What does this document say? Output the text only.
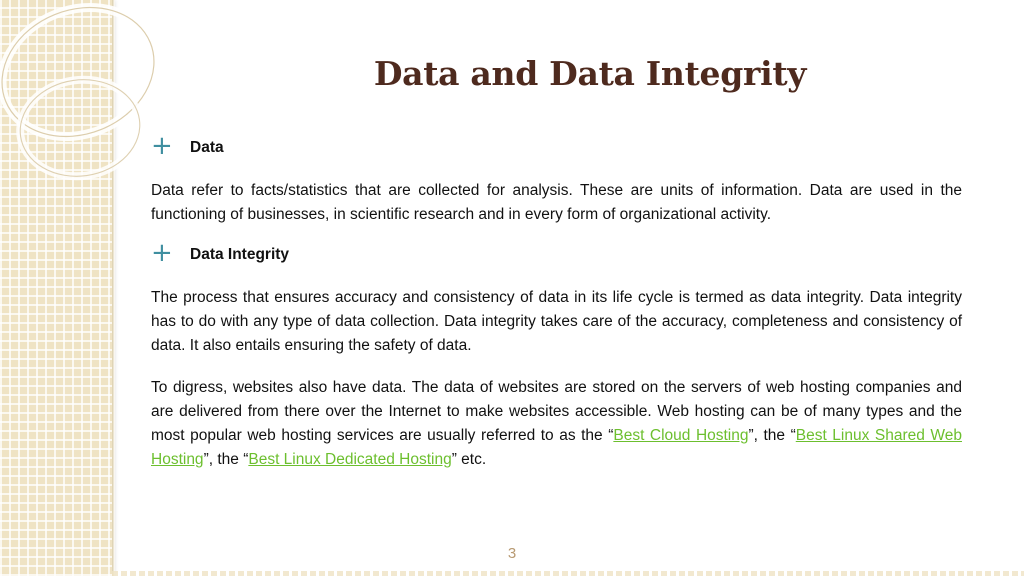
Data and Data Integrity
+ Data

Data refer to facts/statistics that are collected for analysis. These are units of information. Data are used in the functioning of businesses, in scientific research and in every form of organizational activity.

+ Data Integrity

The process that ensures accuracy and consistency of data in its life cycle is termed as data integrity. Data integrity has to do with any type of data collection. Data integrity takes care of the accuracy, completeness and consistency of data. It also entails ensuring the safety of data.

To digress, websites also have data. The data of websites are stored on the servers of web hosting companies and are delivered from there over the Internet to make websites accessible. Web hosting can be of many types and the most popular web hosting services are usually referred to as the “Best Cloud Hosting”, the “Best Linux Shared Web Hosting”, the “Best Linux Dedicated Hosting” etc.

3
